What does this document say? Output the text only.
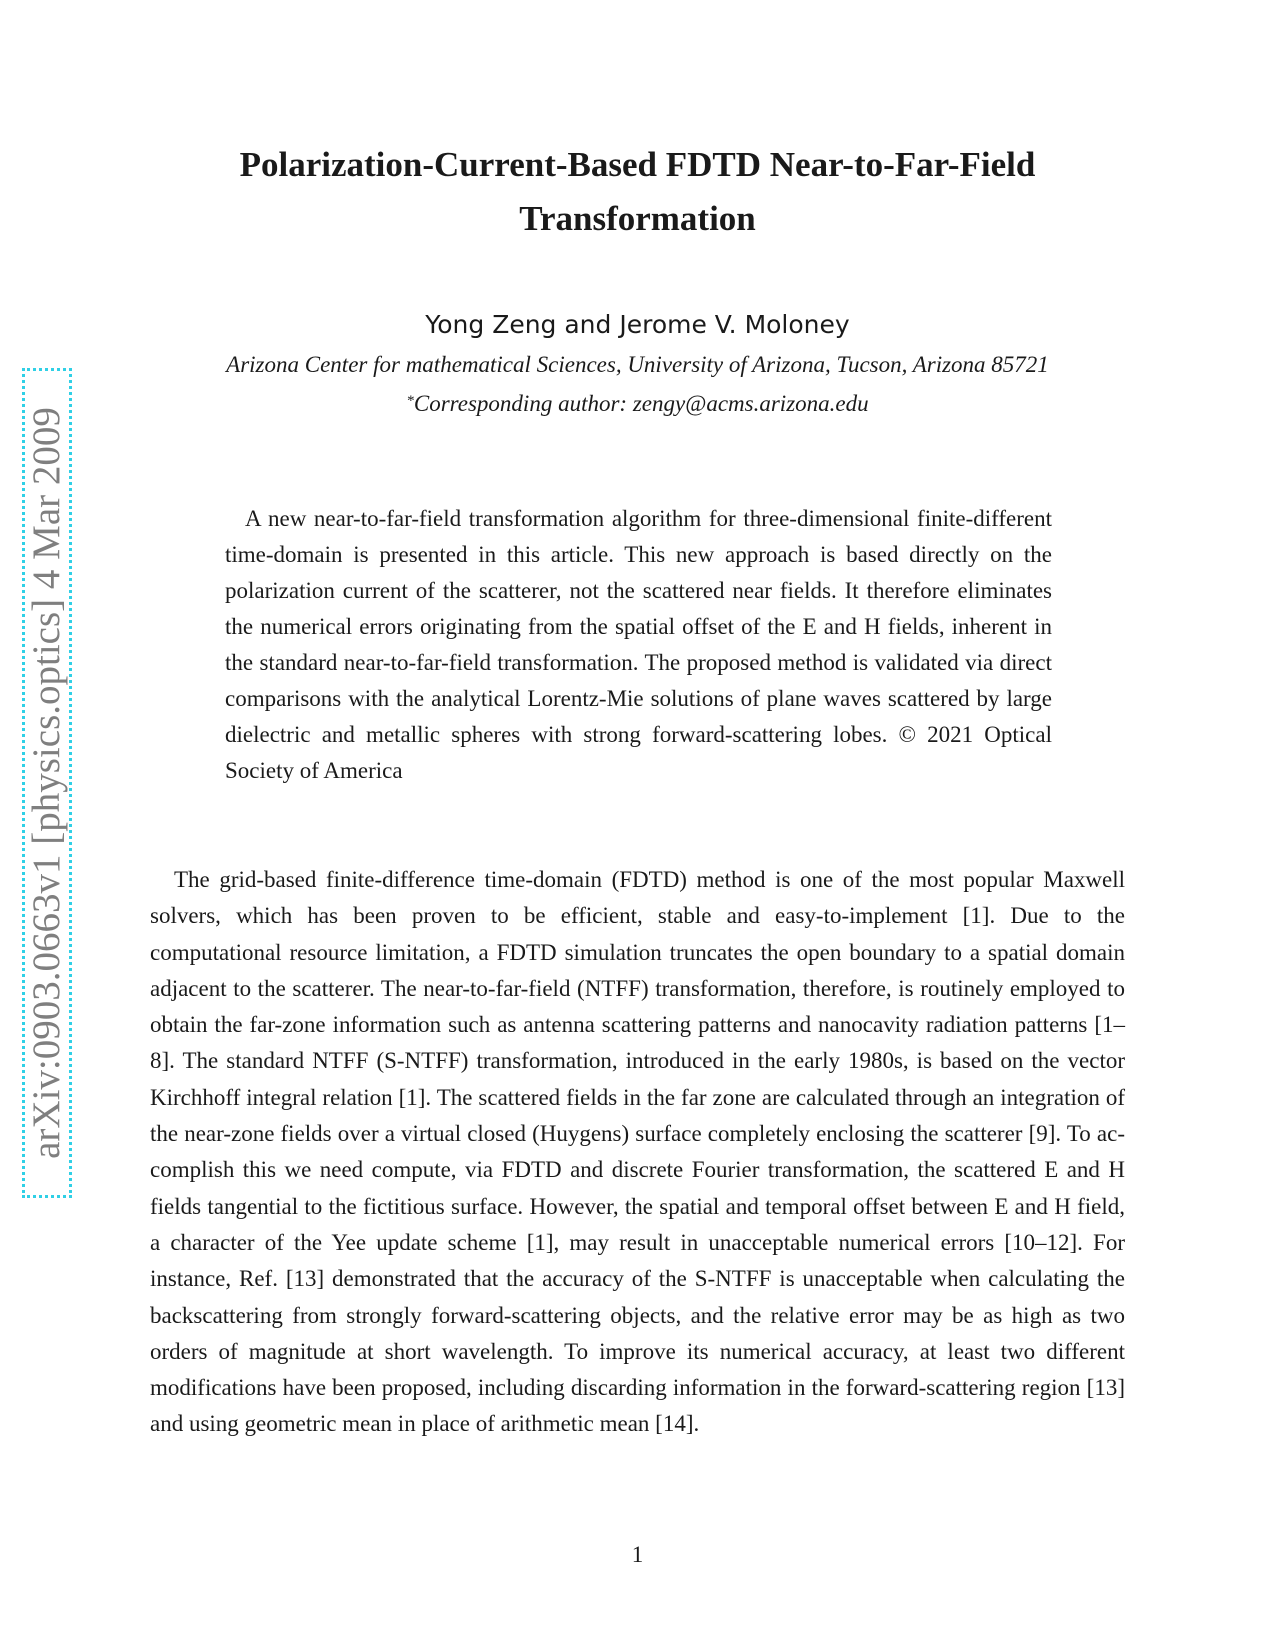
arXiv:0903.0663v1 [physics.optics] 4 Mar 2009
Polarization-Current-Based FDTD Near-to-Far-Field Transformation
Yong Zeng and Jerome V. Moloney
Arizona Center for mathematical Sciences, University of Arizona, Tucson, Arizona 85721
*Corresponding author: zengy@acms.arizona.edu

A new near-to-far-field transformation algorithm for three-dimensional finite-different time-domain is presented in this article. This new approach is based directly on the polarization current of the scatterer, not the scattered near fields. It therefore eliminates the numerical errors originating from the spatial offset of the E and H fields, inherent in the standard near-to-far-field transformation. The proposed method is validated via direct comparisons with the analytical Lorentz-Mie solutions of plane waves scattered by large dielectric and metallic spheres with strong forward-scattering lobes. © 2021 Optical Society of America

The grid-based finite-difference time-domain (FDTD) method is one of the most popular Maxwell solvers, which has been proven to be efficient, stable and easy-to-implement [1]. Due to the computational resource limitation, a FDTD simulation truncates the open boundary to a spatial domain adjacent to the scatterer. The near-to-far-field (NTFF) transformation, therefore, is routinely employed to obtain the far-zone information such as antenna scattering patterns and nanocavity radiation patterns [1–8]. The standard NTFF (S-NTFF) transformation, introduced in the early 1980s, is based on the vector Kirchhoff integral relation [1]. The scattered fields in the far zone are calculated through an integration of the near-zone fields over a virtual closed (Huygens) surface completely enclosing the scatterer [9]. To accomplish this we need compute, via FDTD and discrete Fourier transformation, the scattered E and H fields tangential to the fictitious surface. However, the spatial and temporal offset between E and H field, a character of the Yee update scheme [1], may result in unacceptable numerical errors [10–12]. For instance, Ref. [13] demonstrated that the accuracy of the S-NTFF is unacceptable when calculating the backscattering from strongly forward-scattering objects, and the relative error may be as high as two orders of magnitude at short wavelength. To improve its numerical accuracy, at least two different modifications have been proposed, including discarding information in the forward-scattering region [13] and using geometric mean in place of arithmetic mean [14].

1
